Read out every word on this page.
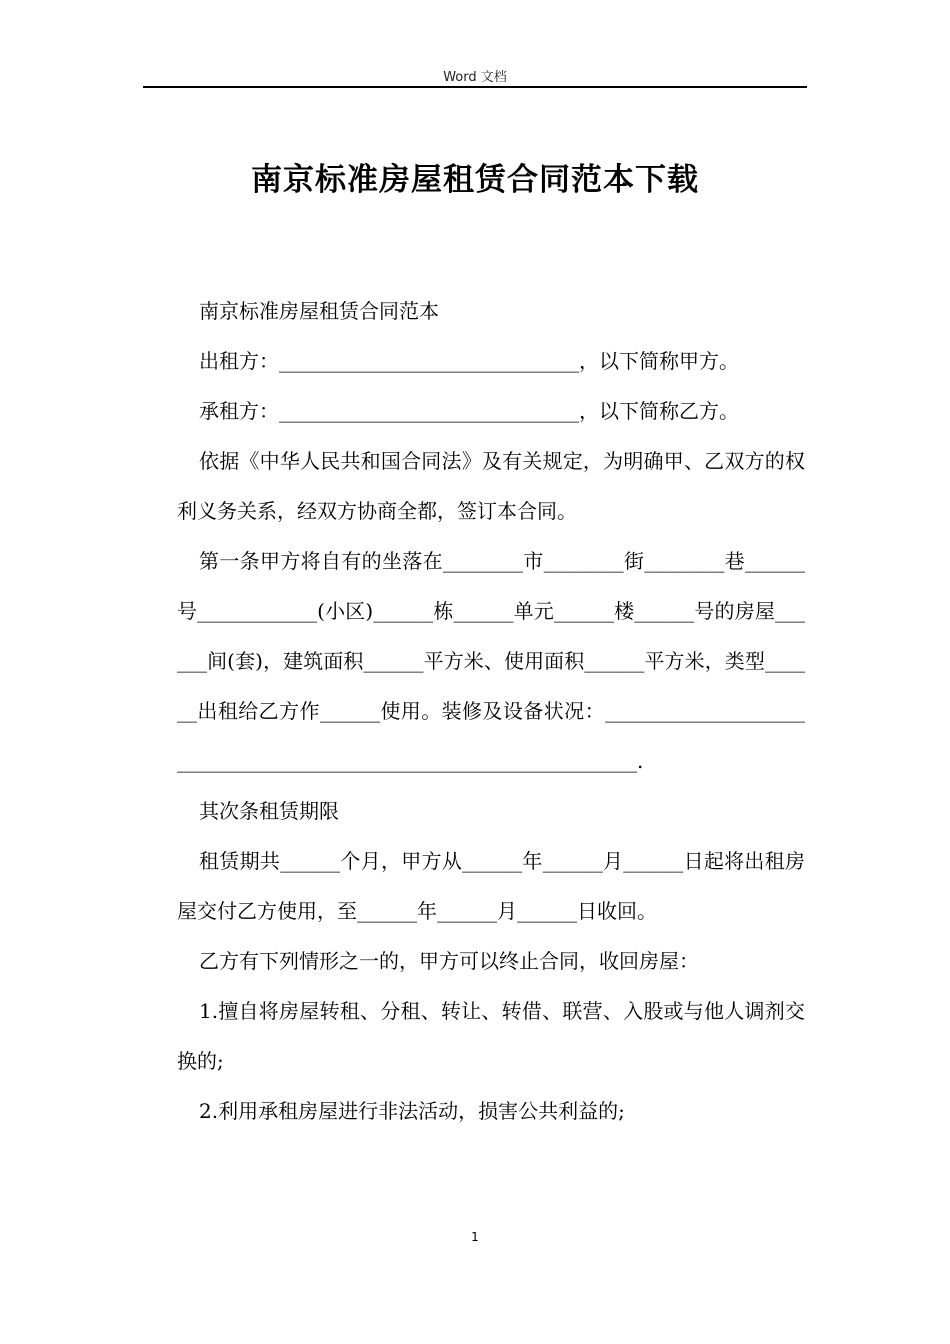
Word 文档
南京标准房屋租赁合同范本下载

南京标准房屋租赁合同范本

出租方：______________________________，以下简称甲方。

承租方：______________________________，以下简称乙方。

依据《中华人民共和国合同法》及有关规定，为明确甲、乙双方的权利义务关系，经双方协商全都，签订本合同。

第一条甲方将自有的坐落在________市________街________巷______号____________(小区)______栋______单元______楼______号的房屋______间(套)，建筑面积______平方米、使用面积______平方米，类型______出租给乙方作______使用。装修及设备状况：__________________________________________________________________.

其次条租赁期限

租赁期共______个月，甲方从______年______月______日起将出租房屋交付乙方使用，至______年______月______日收回。

乙方有下列情形之一的，甲方可以终止合同，收回房屋：

1.擅自将房屋转租、分租、转让、转借、联营、入股或与他人调剂交换的;

2.利用承租房屋进行非法活动，损害公共利益的;

1
